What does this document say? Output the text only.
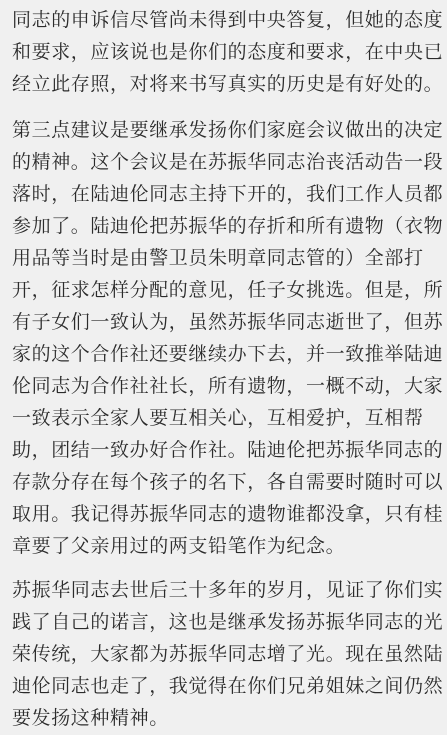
同志的申诉信尽管尚未得到中央答复，但她的态度
和要求，应该说也是你们的态度和要求，在中央已
经立此存照，对将来书写真实的历史是有好处的。
第三点建议是要继承发扬你们家庭会议做出的决定
的精神。这个会议是在苏振华同志治丧活动告一段
落时，在陆迪伦同志主持下开的，我们工作人员都
参加了。陆迪伦把苏振华的存折和所有遗物（衣物
用品等当时是由警卫员朱明章同志管的）全部打
开，征求怎样分配的意见，任子女挑选。但是，所
有子女们一致认为，虽然苏振华同志逝世了，但苏
家的这个合作社还要继续办下去，并一致推举陆迪
伦同志为合作社社长，所有遗物，一概不动，大家
一致表示全家人要互相关心，互相爱护，互相帮
助，团结一致办好合作社。陆迪伦把苏振华同志的
存款分存在每个孩子的名下，各自需要时随时可以
取用。我记得苏振华同志的遗物谁都没拿，只有桂
章要了父亲用过的两支铅笔作为纪念。
苏振华同志去世后三十多年的岁月，见证了你们实
践了自己的诺言，这也是继承发扬苏振华同志的光
荣传统，大家都为苏振华同志增了光。现在虽然陆
迪伦同志也走了，我觉得在你们兄弟姐妹之间仍然
要发扬这种精神。
